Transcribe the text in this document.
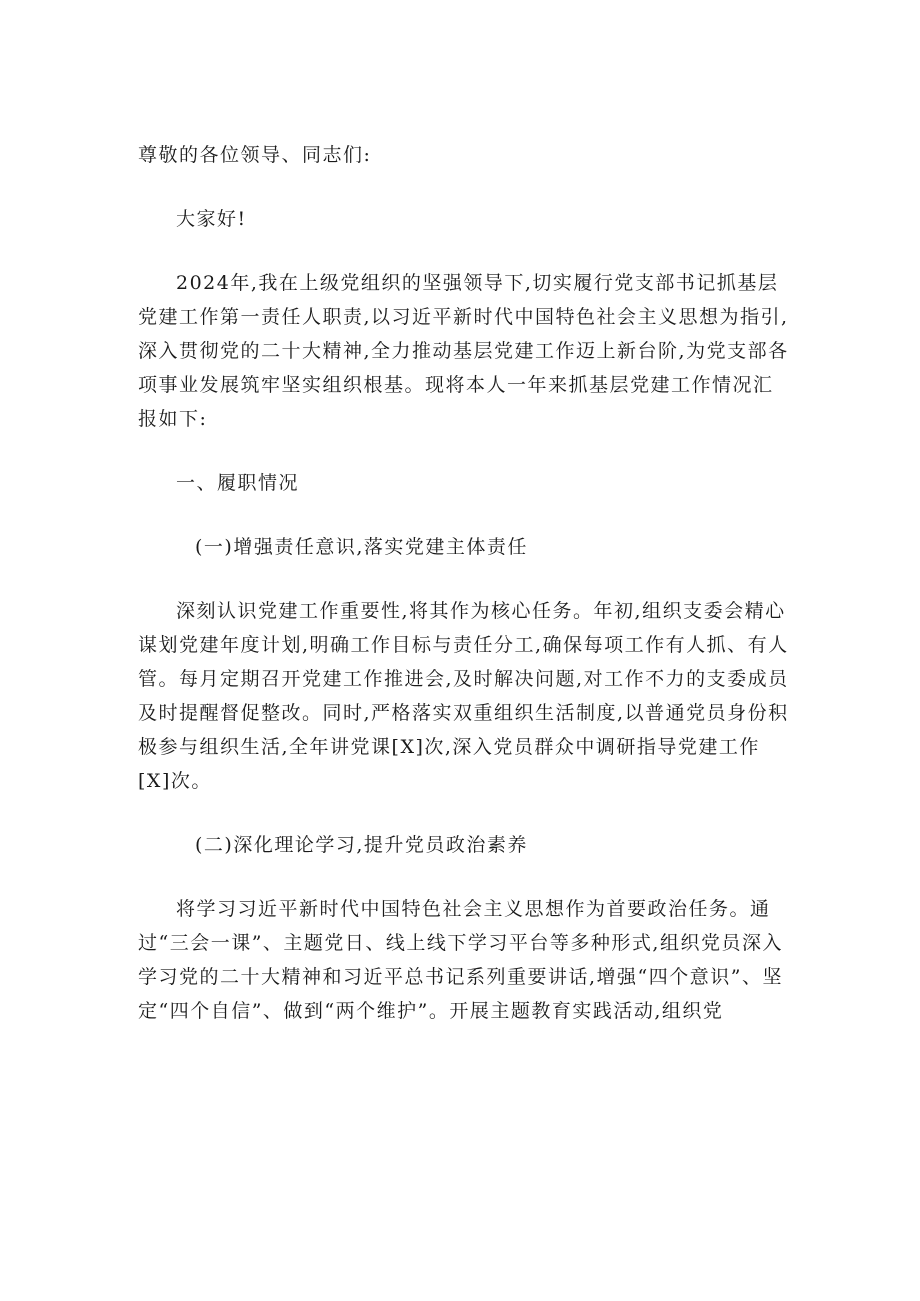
尊敬的各位领导、同志们:

大家好!

2024年,我在上级党组织的坚强领导下,切实履行党支部书记抓基层党建工作第一责任人职责,以习近平新时代中国特色社会主义思想为指引,深入贯彻党的二十大精神,全力推动基层党建工作迈上新台阶,为党支部各项事业发展筑牢坚实组织根基。现将本人一年来抓基层党建工作情况汇报如下:

一、履职情况

(一)增强责任意识,落实党建主体责任

深刻认识党建工作重要性,将其作为核心任务。年初,组织支委会精心谋划党建年度计划,明确工作目标与责任分工,确保每项工作有人抓、有人管。每月定期召开党建工作推进会,及时解决问题,对工作不力的支委成员及时提醒督促整改。同时,严格落实双重组织生活制度,以普通党员身份积极参与组织生活,全年讲党课[X]次,深入党员群众中调研指导党建工作[X]次。

(二)深化理论学习,提升党员政治素养

将学习习近平新时代中国特色社会主义思想作为首要政治任务。通过“三会一课”、主题党日、线上线下学习平台等多种形式,组织党员深入学习党的二十大精神和习近平总书记系列重要讲话,增强“四个意识”、坚定“四个自信”、做到“两个维护”。开展主题教育实践活动,组织党
